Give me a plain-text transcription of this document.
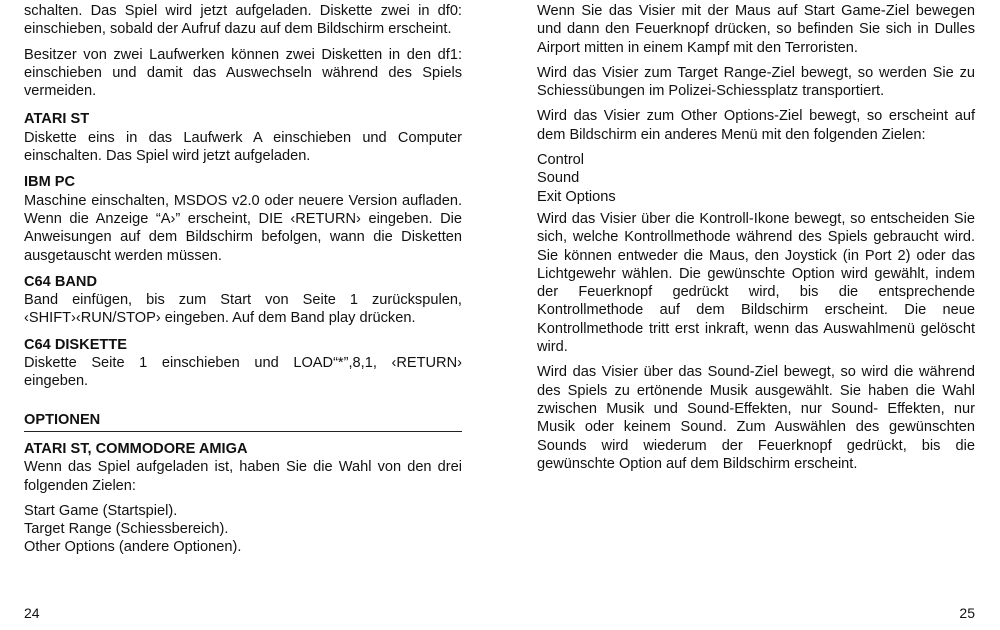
schalten. Das Spiel wird jetzt aufgeladen. Diskette zwei in df0: einschieben, sobald der Aufruf dazu auf dem Bildschirm erscheint.

Besitzer von zwei Laufwerken können zwei Disketten in den df1: einschieben und damit das Auswechseln während des Spiels vermeiden.

ATARI ST

Diskette eins in das Laufwerk A einschieben und Computer einschalten. Das Spiel wird jetzt aufgeladen.

IBM PC

Maschine einschalten, MSDOS v2.0 oder neuere Version aufladen. Wenn die Anzeige “A›” erscheint, DIE ‹RETURN› eingeben. Die Anweisungen auf dem Bildschirm befolgen, wann die Disketten ausgetauscht werden müssen.

C64 BAND

Band einfügen, bis zum Start von Seite 1 zurückspulen, ‹SHIFT›‹RUN/STOP› eingeben. Auf dem Band play drücken.

C64 DISKETTE

Diskette Seite 1 einschieben und LOAD“*”,8,1, ‹RETURN› eingeben.

OPTIONEN
ATARI ST, COMMODORE AMIGA

Wenn das Spiel aufgeladen ist, haben Sie die Wahl von den drei folgenden Zielen:

Start Game (Startspiel).
Target Range (Schiessbereich).
Other Options (andere Optionen).
24

Wenn Sie das Visier mit der Maus auf Start Game-Ziel bewegen und dann den Feuerknopf drücken, so befinden Sie sich in Dulles Airport mitten in einem Kampf mit den Terroristen.

Wird das Visier zum Target Range-Ziel bewegt, so werden Sie zu Schiessübungen im Polizei-Schiessplatz transportiert.

Wird das Visier zum Other Options-Ziel bewegt, so erscheint auf dem Bildschirm ein anderes Menü mit den folgenden Zielen:

Control
Sound
Exit Options

Wird das Visier über die Kontroll-Ikone bewegt, so entscheiden Sie sich, welche Kontrollmethode während des Spiels gebraucht wird. Sie können entweder die Maus, den Joystick (in Port 2) oder das Lichtgewehr wählen. Die gewünschte Option wird gewählt, indem der Feuerknopf gedrückt wird, bis die entsprechende Kontrollmethode auf dem Bildschirm erscheint. Die neue Kontrollmethode tritt erst inkraft, wenn das Auswahlmenü gelöscht wird.

Wird das Visier über das Sound-Ziel bewegt, so wird die während des Spiels zu ertönende Musik ausgewählt. Sie haben die Wahl zwischen Musik und Sound-Effekten, nur Sound- Effekten, nur Musik oder keinem Sound. Zum Auswählen des gewünschten Sounds wird wiederum der Feuerknopf gedrückt, bis die gewünschte Option auf dem Bildschirm erscheint.

25
